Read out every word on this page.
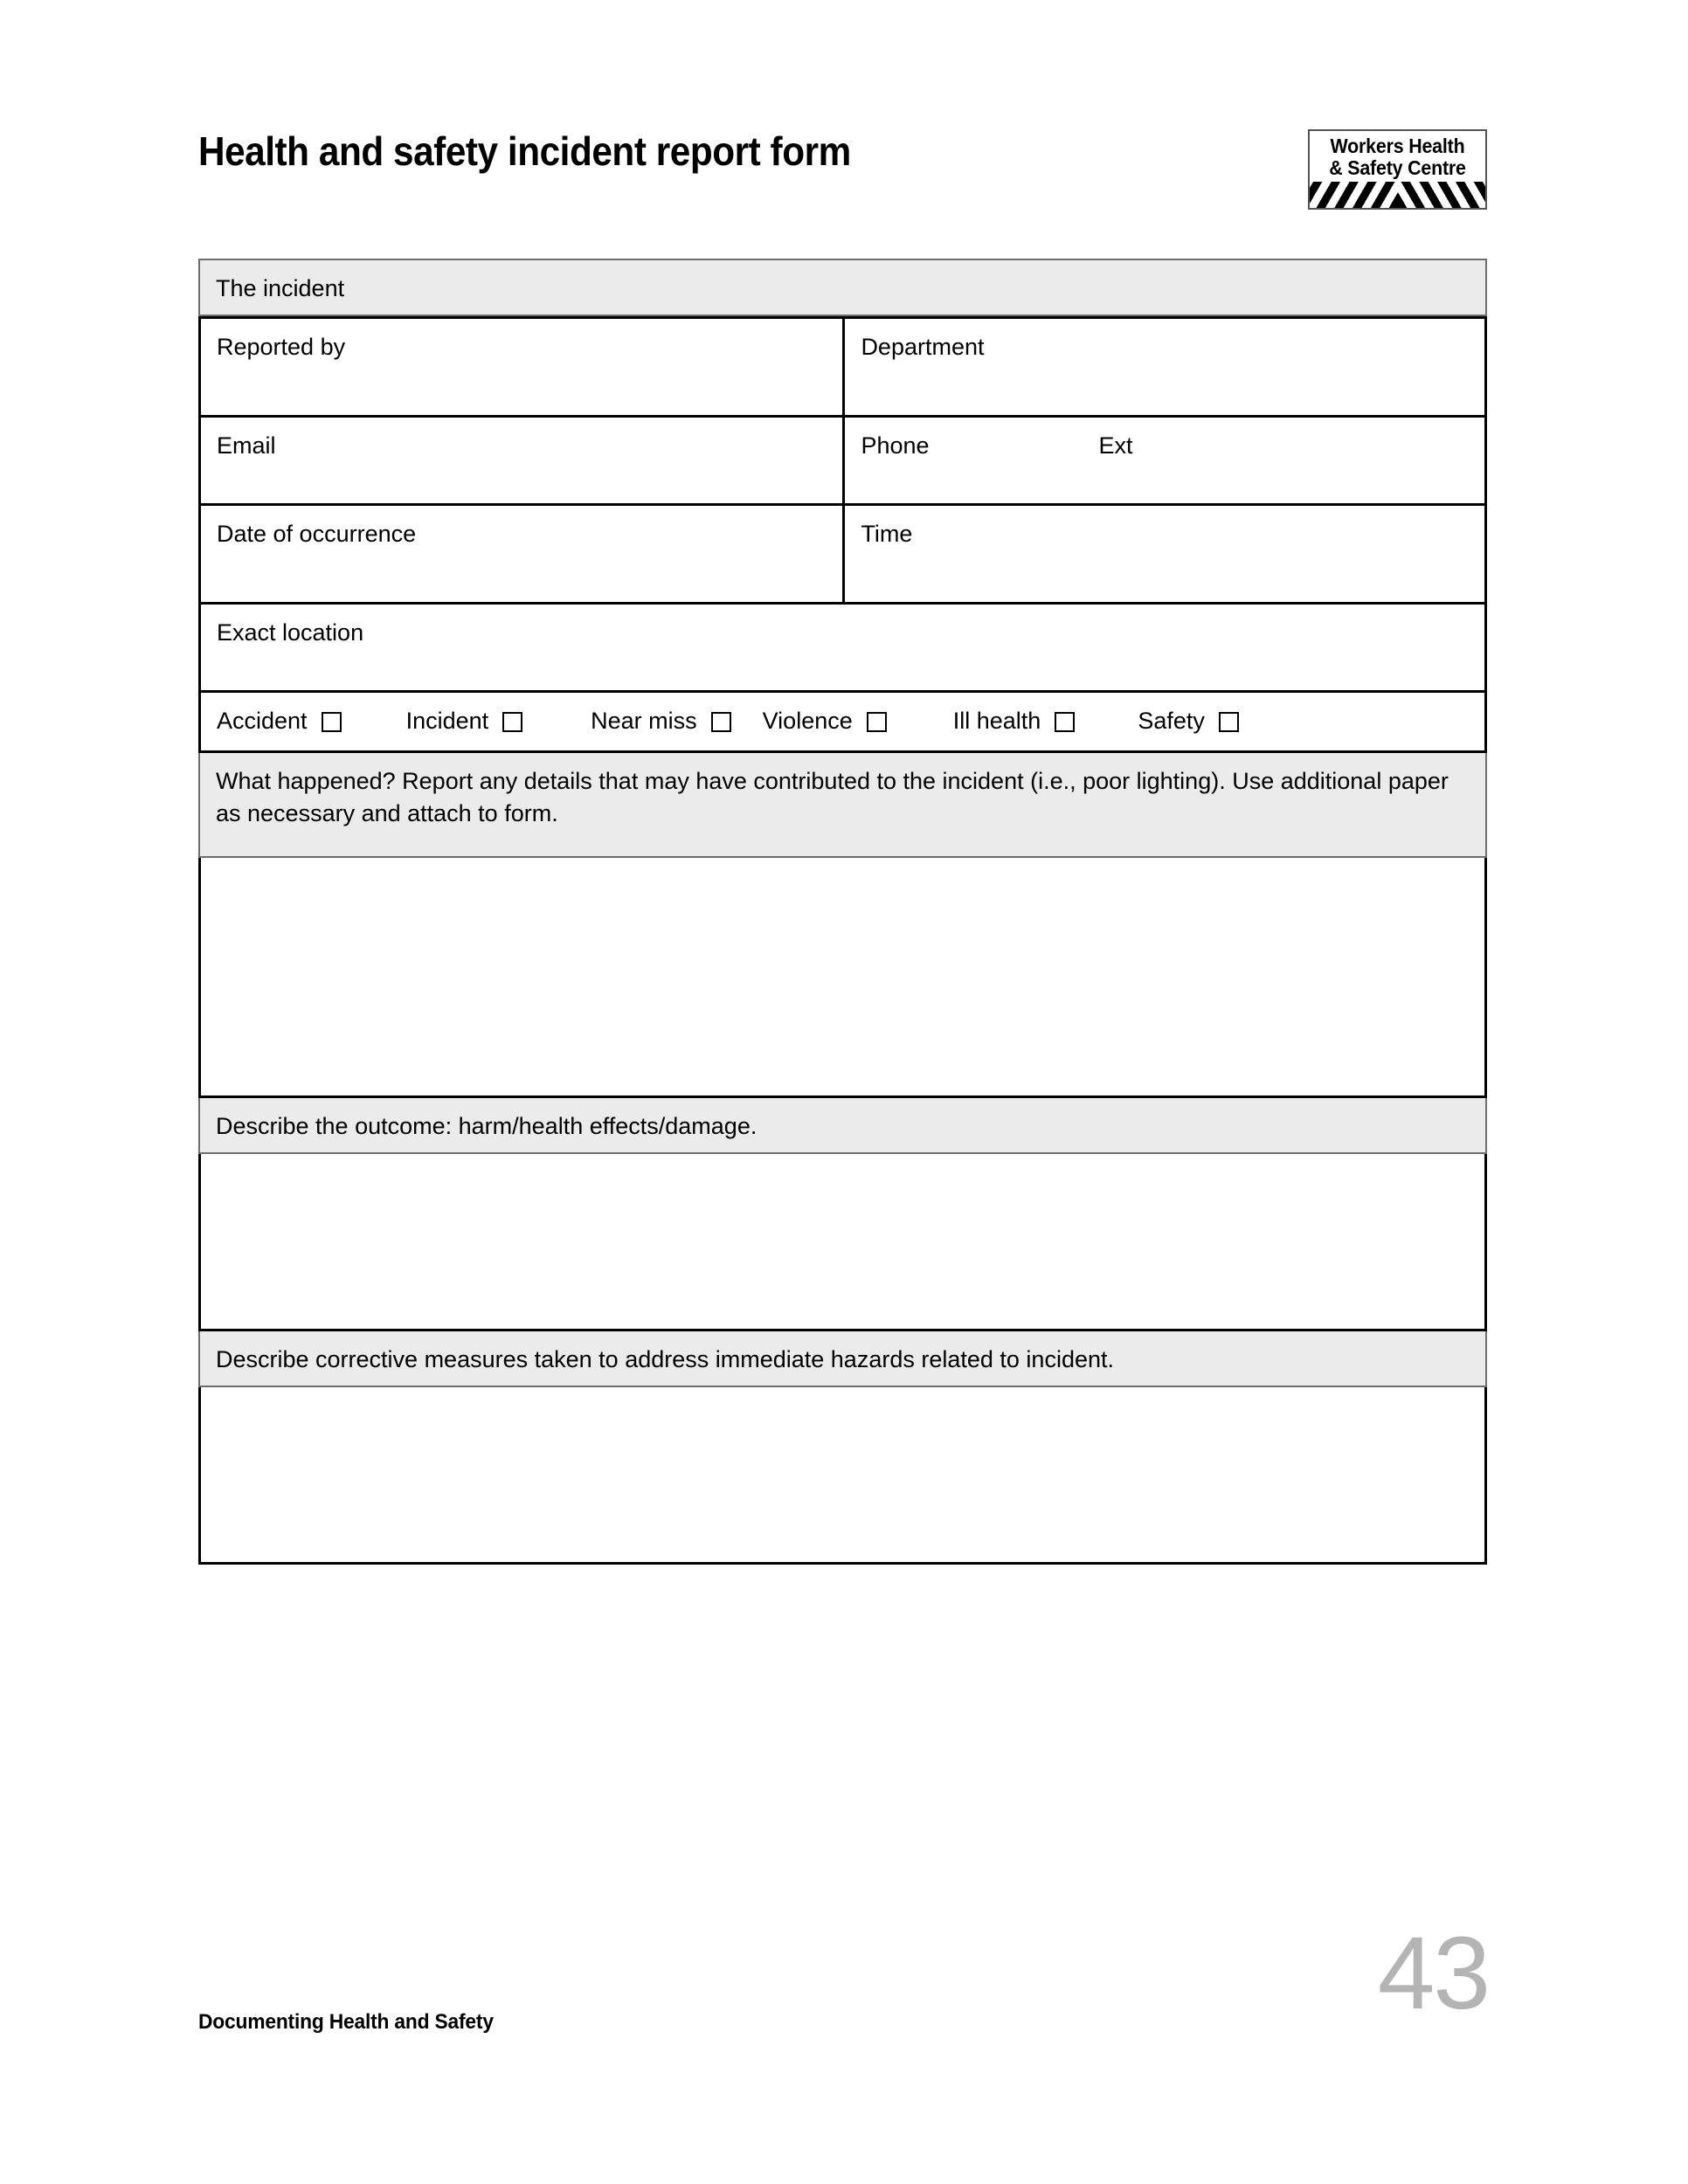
Health and safety incident report form	Workers Health
& Safety Centre
The incident
Reported by	Department
Email	Phone	Ext
Date of occurrence	Time
Exact location
Accident	Incident	Near miss	Violence	Ill health	Safety
What happened? Report any details that may have contributed to the incident (i.e., poor lighting). Use additional paper as necessary and attach to form.
Describe the outcome: harm/health effects/damage.
Describe corrective measures taken to address immediate hazards related to incident.
Documenting Health and Safety	43
